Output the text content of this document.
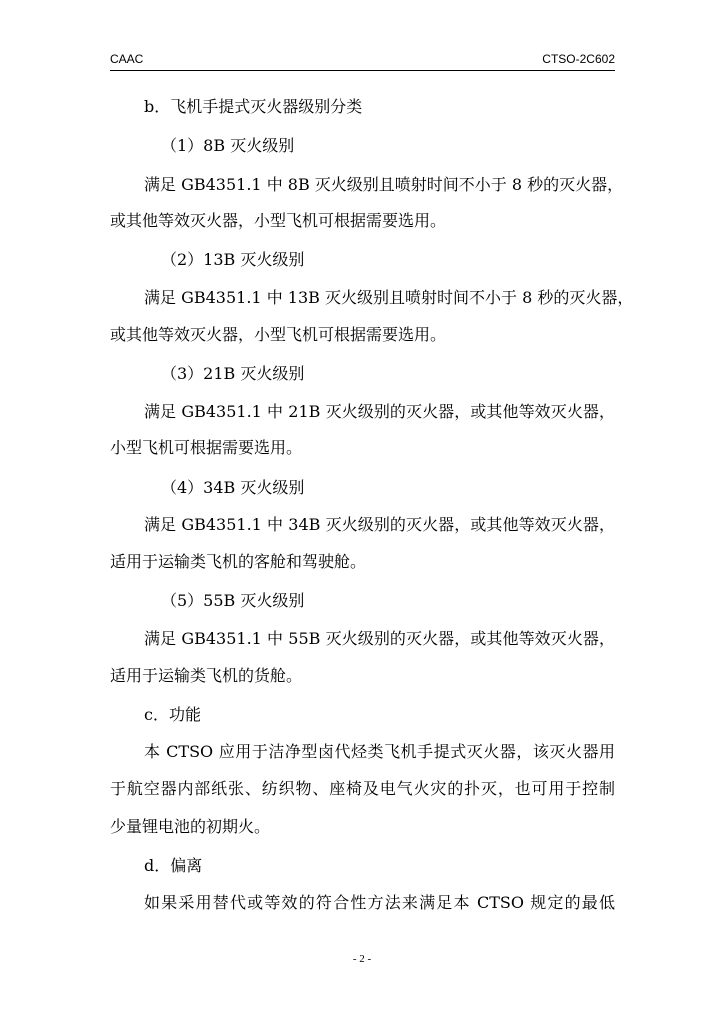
CAAC	CTSO-2C602
b．飞机手提式灭火器级别分类
（1）8B 灭火级别
满足 GB4351.1 中 8B 灭火级别且喷射时间不小于 8 秒的灭火器，
或其他等效灭火器，小型飞机可根据需要选用。
（2）13B 灭火级别
满足 GB4351.1 中 13B 灭火级别且喷射时间不小于 8 秒的灭火器，
或其他等效灭火器，小型飞机可根据需要选用。
（3）21B 灭火级别
满足 GB4351.1 中 21B 灭火级别的灭火器，或其他等效灭火器，
小型飞机可根据需要选用。
（4）34B 灭火级别
满足 GB4351.1 中 34B 灭火级别的灭火器，或其他等效灭火器，
适用于运输类飞机的客舱和驾驶舱。
（5）55B 灭火级别
满足 GB4351.1 中 55B 灭火级别的灭火器，或其他等效灭火器，
适用于运输类飞机的货舱。
c．功能
本 CTSO 应用于洁净型卤代烃类飞机手提式灭火器，该灭火器用
于航空器内部纸张、纺织物、座椅及电气火灾的扑灭，也可用于控制
少量锂电池的初期火。
d．偏离
如果采用替代或等效的符合性方法来满足本 CTSO 规定的最低
- 2 -
